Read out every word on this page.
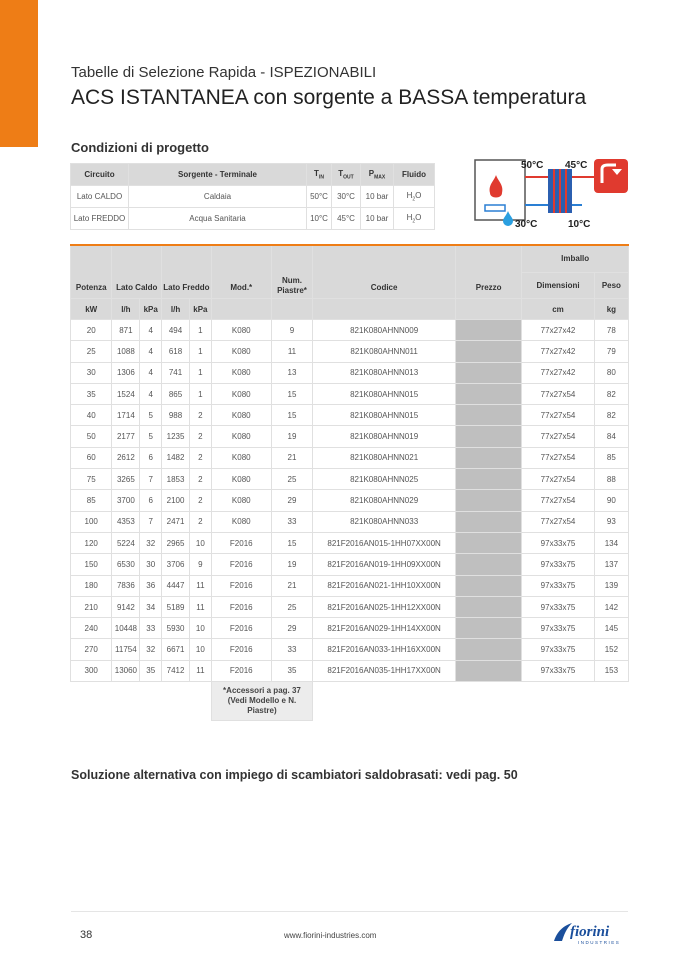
Tabelle di Selezione Rapida - ISPEZIONABILI
ACS ISTANTANEA con sorgente a BASSA temperatura
Condizioni di progetto
Circuito	Sorgente - Terminale	$T_{IN}$	$T_{OUT}$	$P_{MAX}$	Fluido
Lato CALDO	Caldaia	50°C	30°C	10 bar	$H_2O$
Lato FREDDO	Acqua Sanitaria	10°C	45°C	10 bar	$H_2O$
50°C 45°C
30°C	10°C
Potenza	Lato Caldo		Lato Freddo		Mod.*	Num. Piastre*	Codice	Prezzo	Imballo	
									Dimensioni	Peso
kW	l/h	kPa	l/h	kPa					cm	kg
20	871	4	494	1	K080	9	821K080AHNN009		77x27x42	78
25	1088	4	618	1	K080	11	821K080AHNN011		77x27x42	79
30	1306	4	741	1	K080	13	821K080AHNN013		77x27x42	80
35	1524	4	865	1	K080	15	821K080AHNN015		77x27x54	82
40	1714	5	988	2	K080	15	821K080AHNN015		77x27x54	82
50	2177	5	1235	2	K080	19	821K080AHNN019		77x27x54	84
60	2612	6	1482	2	K080	21	821K080AHNN021		77x27x54	85
75	3265	7	1853	2	K080	25	821K080AHNN025		77x27x54	88
85	3700	6	2100	2	K080	29	821K080AHNN029		77x27x54	90
100	4353	7	2471	2	K080	33	821K080AHNN033		77x27x54	93
120	5224	32	2965	10	F2016	15	821F2016AN015-1HH07XX00N		97x33x75	134
150	6530	30	3706	9	F2016	19	821F2016AN019-1HH09XX00N		97x33x75	137
180	7836	36	4447	11	F2016	21	821F2016AN021-1HH10XX00N		97x33x75	139
210	9142	34	5189	11	F2016	25	821F2016AN025-1HH12XX00N		97x33x75	142
240	10448	33	5930	10	F2016	29	821F2016AN029-1HH14XX00N		97x33x75	145
270	11754	32	6671	10	F2016	33	821F2016AN033-1HH16XX00N		97x33x75	152
300	13060	35	7412	11	F2016	35	821F2016AN035-1HH17XX00N		97x33x75	153
					*Accessori a pag. 37 (Vedi Modello e N. Piastre)					
Soluzione alternativa con impiego di scambiatori saldobrasati: vedi pag. 50
38	www.fiorini-industries.com	fiorini
INDUSTRIES
